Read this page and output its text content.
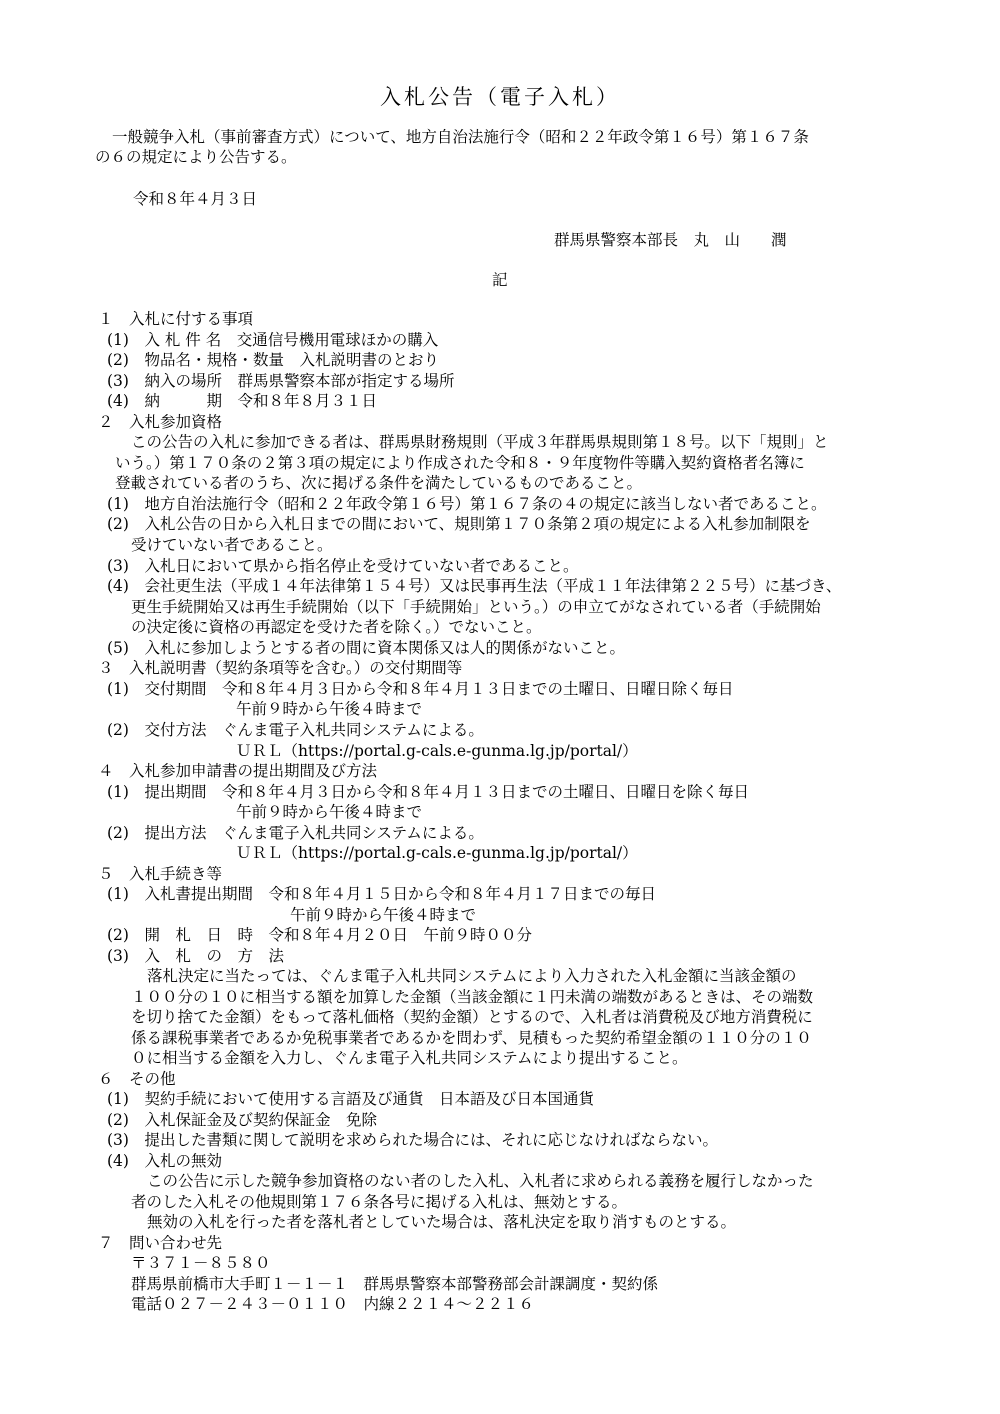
入札公告（電子入札）
一般競争入札（事前審査方式）について、地方自治法施行令（昭和２２年政令第１６号）第１６７条
の６の規定により公告する。
令和８年４月３日
群馬県警察本部長　丸　山　　潤
記
１　入札に付する事項
(1)　入 札 件 名　交通信号機用電球ほかの購入
(2)　物品名・規格・数量　入札説明書のとおり
(3)　納入の場所　群馬県警察本部が指定する場所
(4)　納　　　期　令和８年８月３１日
２　入札参加資格
この公告の入札に参加できる者は、群馬県財務規則（平成３年群馬県規則第１８号。以下「規則」と
いう。）第１７０条の２第３項の規定により作成された令和８・９年度物件等購入契約資格者名簿に
登載されている者のうち、次に掲げる条件を満たしているものであること。
(1)　地方自治法施行令（昭和２２年政令第１６号）第１６７条の４の規定に該当しない者であること。
(2)　入札公告の日から入札日までの間において、規則第１７０条第２項の規定による入札参加制限を
受けていない者であること。
(3)　入札日において県から指名停止を受けていない者であること。
(4)　会社更生法（平成１４年法律第１５４号）又は民事再生法（平成１１年法律第２２５号）に基づき、
更生手続開始又は再生手続開始（以下「手続開始」という。）の申立てがなされている者（手続開始
の決定後に資格の再認定を受けた者を除く。）でないこと。
(5)　入札に参加しようとする者の間に資本関係又は人的関係がないこと。
３　入札説明書（契約条項等を含む。）の交付期間等
(1)　交付期間　令和８年４月３日から令和８年４月１３日までの土曜日、日曜日除く毎日
午前９時から午後４時まで
(2)　交付方法　ぐんま電子入札共同システムによる。
ＵＲＬ（https://portal.g-cals.e-gunma.lg.jp/portal/）
４　入札参加申請書の提出期間及び方法
(1)　提出期間　令和８年４月３日から令和８年４月１３日までの土曜日、日曜日を除く毎日
午前９時から午後４時まで
(2)　提出方法　ぐんま電子入札共同システムによる。
ＵＲＬ（https://portal.g-cals.e-gunma.lg.jp/portal/）
５　入札手続き等
(1)　入札書提出期間　令和８年４月１５日から令和８年４月１７日までの毎日
午前９時から午後４時まで
(2)　開　札　日　時　令和８年４月２０日　午前９時００分
(3)　入　札　の　方　法
落札決定に当たっては、ぐんま電子入札共同システムにより入力された入札金額に当該金額の
１００分の１０に相当する額を加算した金額（当該金額に１円未満の端数があるときは、その端数
を切り捨てた金額）をもって落札価格（契約金額）とするので、入札者は消費税及び地方消費税に
係る課税事業者であるか免税事業者であるかを問わず、見積もった契約希望金額の１１０分の１０
０に相当する金額を入力し、ぐんま電子入札共同システムにより提出すること。
６　その他
(1)　契約手続において使用する言語及び通貨　日本語及び日本国通貨
(2)　入札保証金及び契約保証金　免除
(3)　提出した書類に関して説明を求められた場合には、それに応じなければならない。
(4)　入札の無効
この公告に示した競争参加資格のない者のした入札、入札者に求められる義務を履行しなかった
者のした入札その他規則第１７６条各号に掲げる入札は、無効とする。
無効の入札を行った者を落札者としていた場合は、落札決定を取り消すものとする。
７　問い合わせ先
〒３７１－８５８０
群馬県前橋市大手町１－１－１　群馬県警察本部警務部会計課調度・契約係
電話０２７－２４３－０１１０　内線２２１４～２２１６
